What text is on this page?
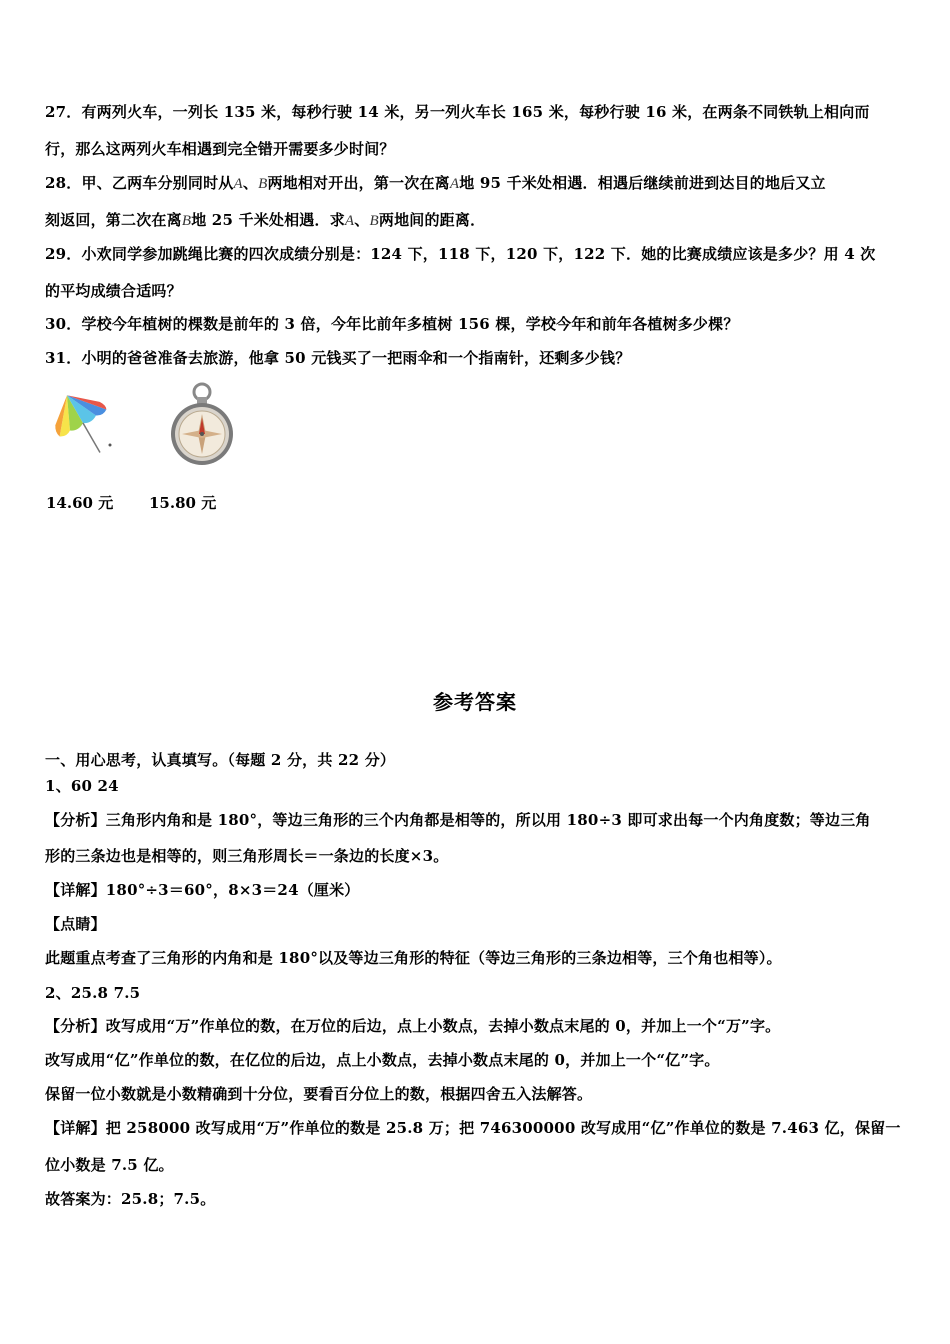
27．有两列火车，一列长 135 米，每秒行驶 14 米，另一列火车长 165 米，每秒行驶 16 米，在两条不同铁轨上相向而
行，那么这两列火车相遇到完全错开需要多少时间？
28．甲、乙两车分别同时从A、B两地相对开出，第一次在离A地 95 千米处相遇．相遇后继续前进到达目的地后又立
刻返回，第二次在离B地 25 千米处相遇．求A、B两地间的距离．
29．小欢同学参加跳绳比赛的四次成绩分别是：124 下，118 下，120 下，122 下．她的比赛成绩应该是多少？用 4 次
的平均成绩合适吗？
30．学校今年植树的棵数是前年的 3 倍，今年比前年多植树 156 棵，学校今年和前年各植树多少棵？
31．小明的爸爸准备去旅游，他拿 50 元钱买了一把雨伞和一个指南针，还剩多少钱？
14.60 元 15.80 元
参考答案
一、用心思考，认真填写。（每题 2 分，共 22 分）
1、60 24
【分析】三角形内角和是 180°，等边三角形的三个内角都是相等的，所以用 180÷3 即可求出每一个内角度数；等边三角
形的三条边也是相等的，则三角形周长＝一条边的长度×3。
【详解】180°÷3＝60°，8×3＝24（厘米）
【点睛】
此题重点考查了三角形的内角和是 180°以及等边三角形的特征（等边三角形的三条边相等，三个角也相等）。
2、25.8 7.5
【分析】改写成用“万”作单位的数，在万位的后边，点上小数点，去掉小数点末尾的 0，并加上一个“万”字。
改写成用“亿”作单位的数，在亿位的后边，点上小数点，去掉小数点末尾的 0，并加上一个“亿”字。
保留一位小数就是小数精确到十分位，要看百分位上的数，根据四舍五入法解答。
【详解】把 258000 改写成用“万”作单位的数是 25.8 万；把 746300000 改写成用“亿”作单位的数是 7.463 亿，保留一
位小数是 7.5 亿。
故答案为：25.8；7.5。
